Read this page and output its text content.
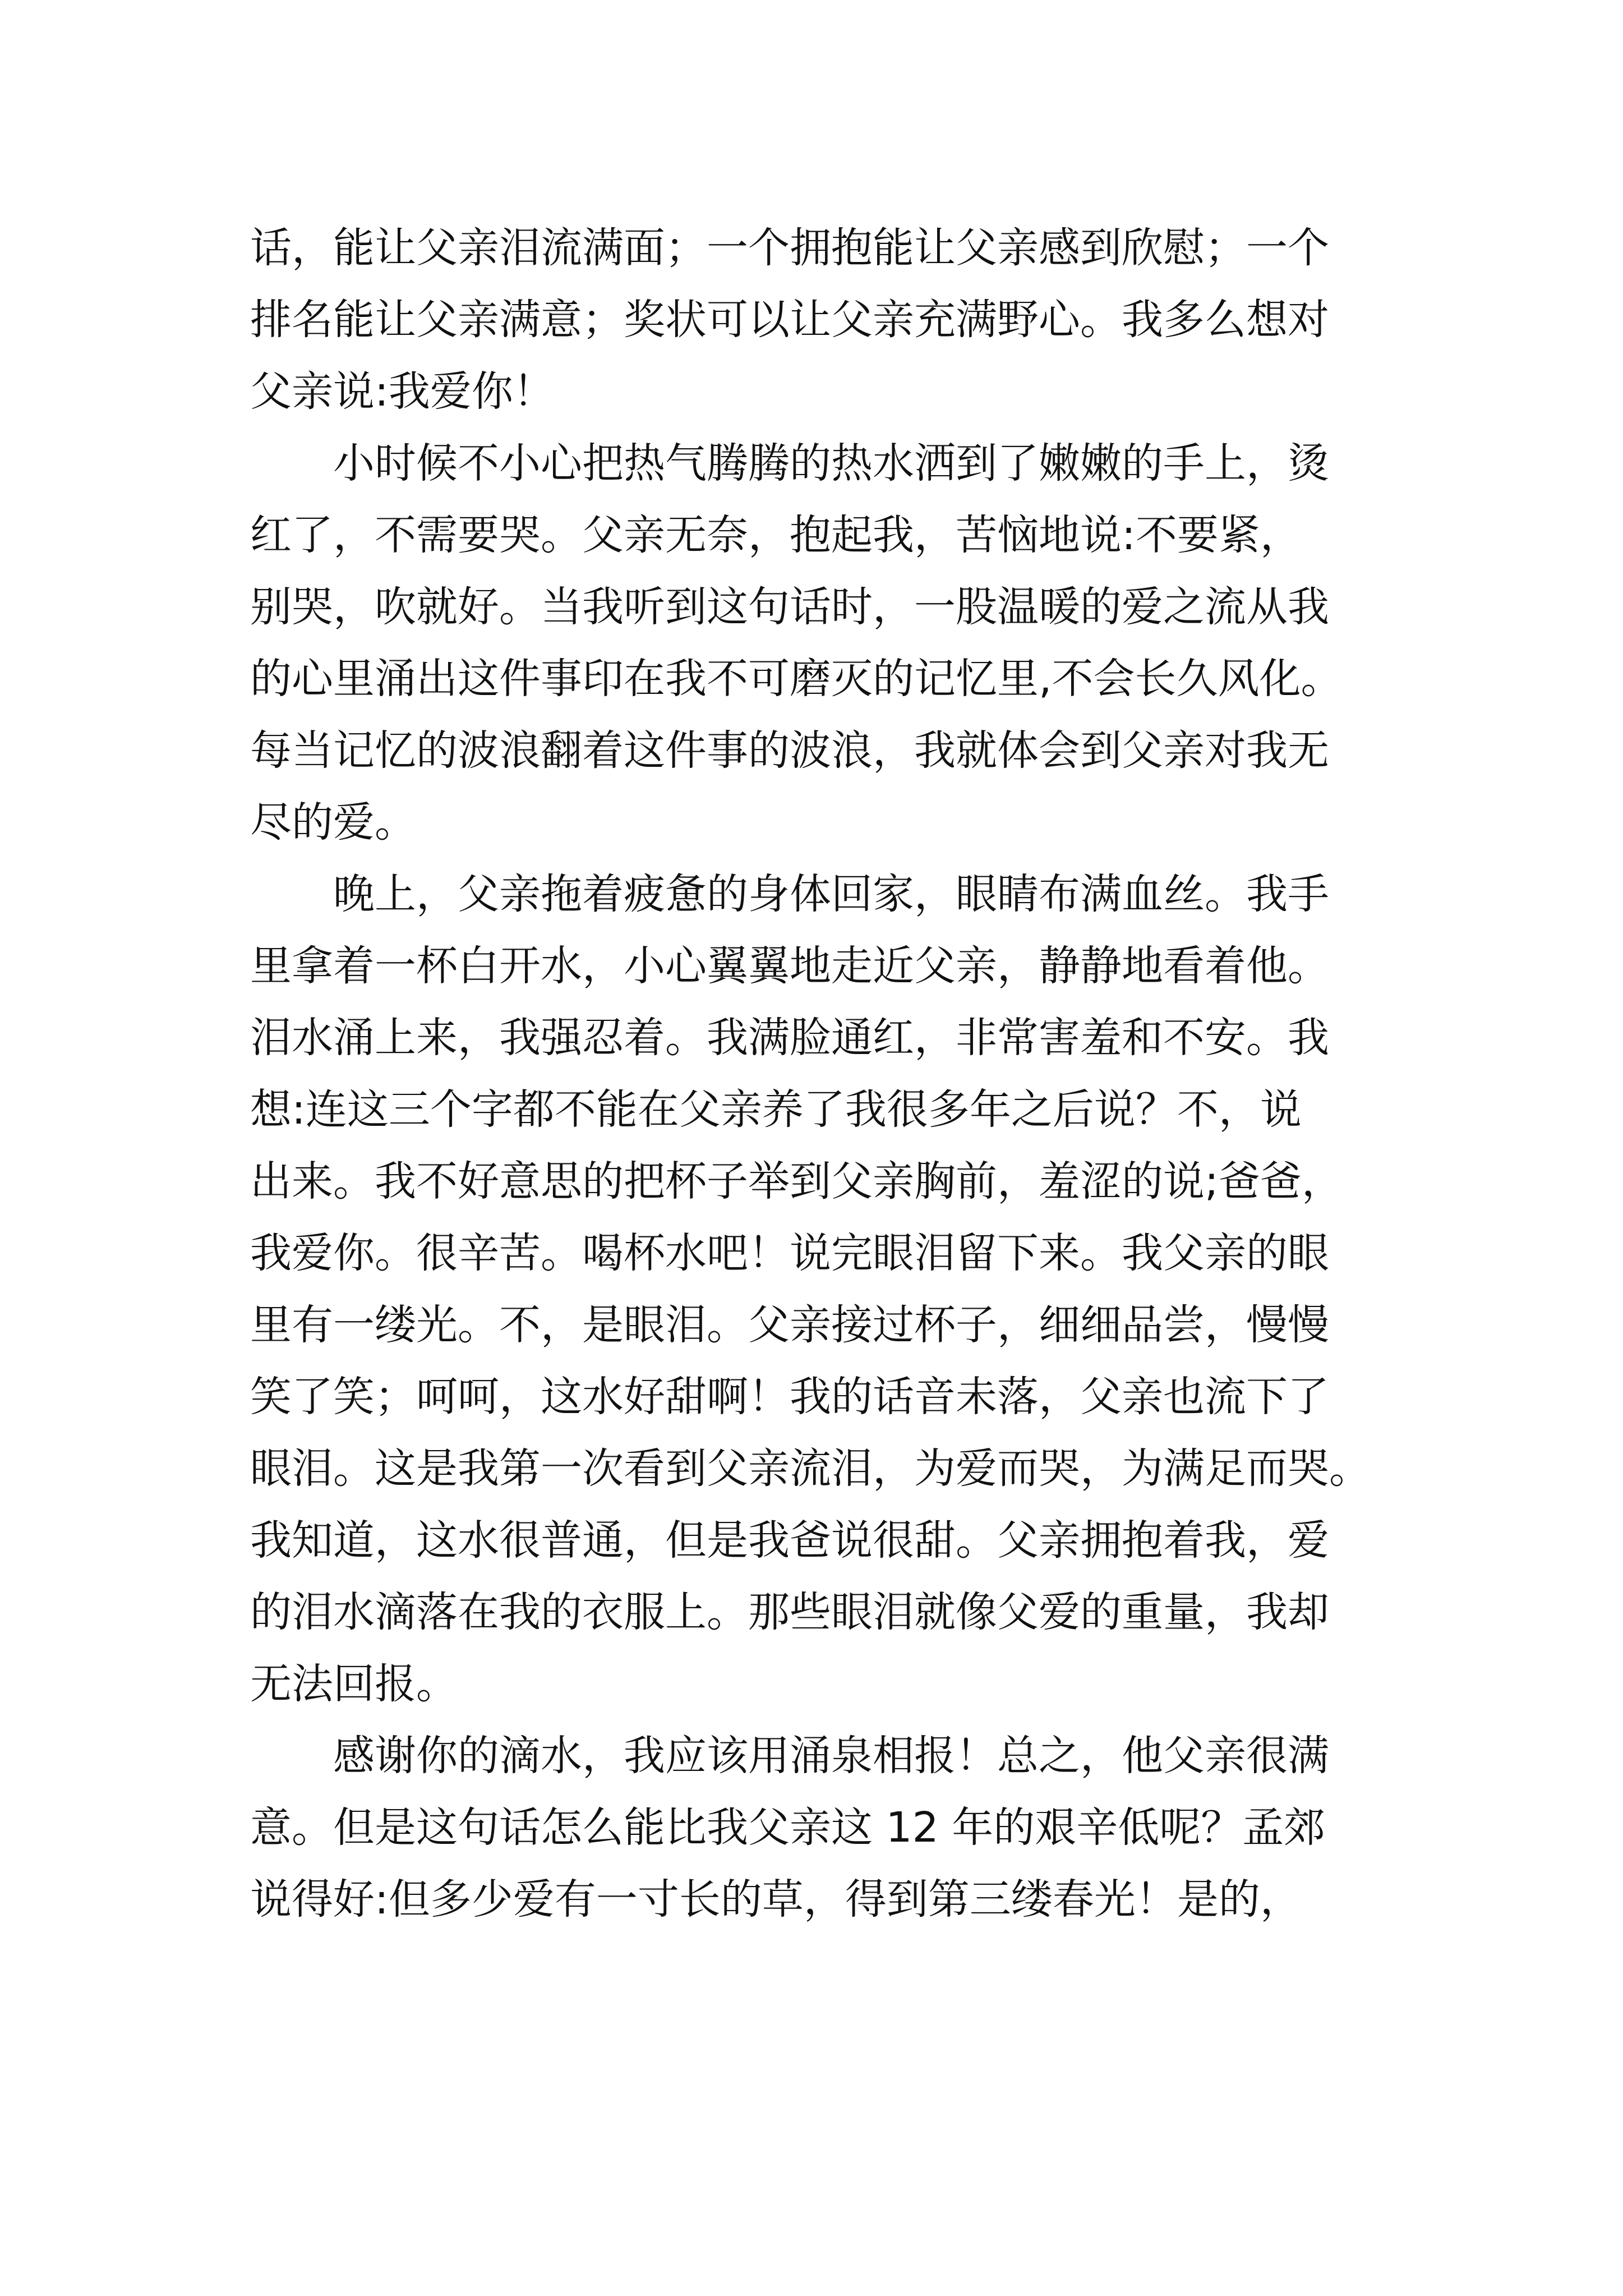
话，能让父亲泪流满面；一个拥抱能让父亲感到欣慰；一个
排名能让父亲满意；奖状可以让父亲充满野心。我多么想对
父亲说:我爱你！
小时候不小心把热气腾腾的热水洒到了嫩嫩的手上，烫
红了，不需要哭。父亲无奈，抱起我，苦恼地说:不要紧，
别哭，吹就好。当我听到这句话时，一股温暖的爱之流从我
的心里涌出这件事印在我不可磨灭的记忆里,不会长久风化。
每当记忆的波浪翻着这件事的波浪，我就体会到父亲对我无
尽的爱。
晚上，父亲拖着疲惫的身体回家，眼睛布满血丝。我手
里拿着一杯白开水，小心翼翼地走近父亲，静静地看着他。
泪水涌上来，我强忍着。我满脸通红，非常害羞和不安。我
想:连这三个字都不能在父亲养了我很多年之后说？不，说
出来。我不好意思的把杯子举到父亲胸前，羞涩的说;爸爸，
我爱你。很辛苦。喝杯水吧！说完眼泪留下来。我父亲的眼
里有一缕光。不，是眼泪。父亲接过杯子，细细品尝，慢慢
笑了笑；呵呵，这水好甜啊！我的话音未落，父亲也流下了
眼泪。这是我第一次看到父亲流泪，为爱而哭，为满足而哭。
我知道，这水很普通，但是我爸说很甜。父亲拥抱着我，爱
的泪水滴落在我的衣服上。那些眼泪就像父爱的重量，我却
无法回报。
感谢你的滴水，我应该用涌泉相报！总之，他父亲很满
意。但是这句话怎么能比我父亲这 12 年的艰辛低呢？孟郊
说得好:但多少爱有一寸长的草，得到第三缕春光！是的，
